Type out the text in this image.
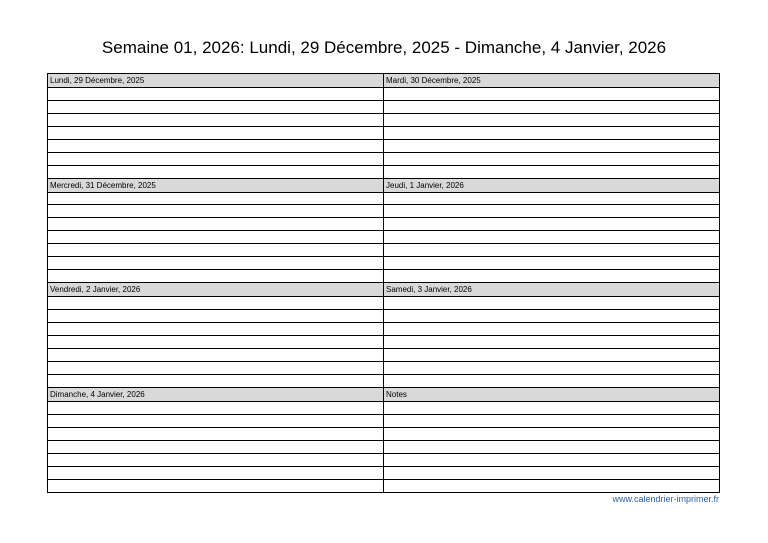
Semaine 01, 2026: Lundi, 29 Décembre, 2025 - Dimanche, 4 Janvier, 2026
Lundi, 29 Décembre, 2025	Mardi, 30 Décembre, 2025
Mercredi, 31 Décembre, 2025	Jeudi, 1 Janvier, 2026
Vendredi, 2 Janvier, 2026	Samedi, 3 Janvier, 2026
Dimanche, 4 Janvier, 2026	Notes
www.calendrier-imprimer.fr
